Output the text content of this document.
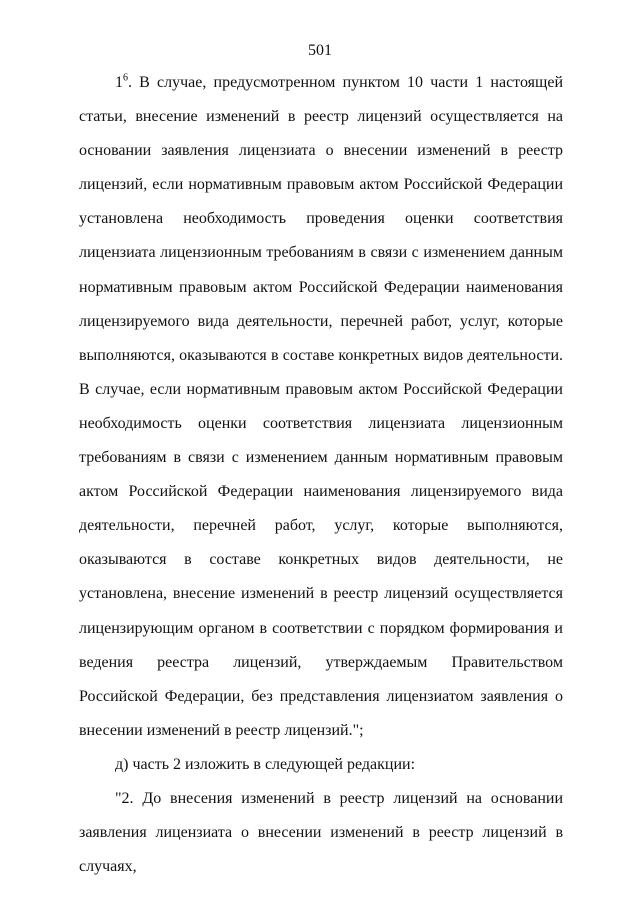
501

$1^6$. В случае, предусмотренном пунктом 10 части 1 настоящей статьи, внесение изменений в реестр лицензий осуществляется на основании заявления лицензиата о внесении изменений в реестр лицензий, если нормативным правовым актом Российской Федерации установлена необходимость проведения оценки соответствия лицензиата лицензионным требованиям в связи с изменением данным нормативным правовым актом Российской Федерации наименования лицензируемого вида деятельности, перечней работ, услуг, которые выполняются, оказываются в составе конкретных видов деятельности. В случае, если нормативным правовым актом Российской Федерации необходимость оценки соответствия лицензиата лицензионным требованиям в связи с изменением данным нормативным правовым актом Российской Федерации наименования лицензируемого вида деятельности, перечней работ, услуг, которые выполняются, оказываются в составе конкретных видов деятельности, не установлена, внесение изменений в реестр лицензий осуществляется лицензирующим органом в соответствии с порядком формирования и ведения реестра лицензий, утверждаемым Правительством Российской Федерации, без представления лицензиатом заявления о внесении изменений в реестр лицензий.";

д) часть 2 изложить в следующей редакции:

"2. До внесения изменений в реестр лицензий на основании заявления лицензиата о внесении изменений в реестр лицензий в случаях,
